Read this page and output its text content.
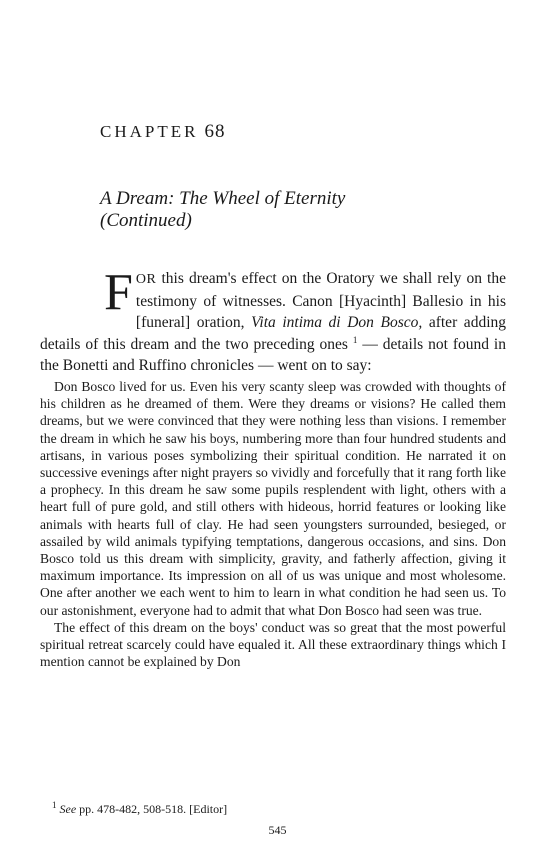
CHAPTER 68
A Dream: The Wheel of Eternity
(Continued)
FOR this dream's effect on the Oratory we shall rely on the testimony of witnesses. Canon [Hyacinth] Ballesio in his [funeral] oration, Vita intima di Don Bosco, after adding details of this dream and the two preceding ones $^1$ — details not found in the Bonetti and Ruffino chronicles — went on to say:

Don Bosco lived for us. Even his very scanty sleep was crowded with thoughts of his children as he dreamed of them. Were they dreams or visions? He called them dreams, but we were convinced that they were nothing less than visions. I remember the dream in which he saw his boys, numbering more than four hundred students and artisans, in various poses symbolizing their spiritual condition. He narrated it on successive evenings after night prayers so vividly and forcefully that it rang forth like a prophecy. In this dream he saw some pupils resplendent with light, others with a heart full of pure gold, and still others with hideous, horrid features or looking like animals with hearts full of clay. He had seen youngsters surrounded, besieged, or assailed by wild animals typifying temptations, dangerous occasions, and sins. Don Bosco told us this dream with simplicity, gravity, and fatherly affection, giving it maximum importance. Its impression on all of us was unique and most wholesome. One after another we each went to him to learn in what condition he had seen us. To our astonishment, everyone had to admit that what Don Bosco had seen was true.

The effect of this dream on the boys' conduct was so great that the most powerful spiritual retreat scarcely could have equaled it. All these extraordinary things which I mention cannot be explained by Don

$^1$ See pp. 478-482, 508-518. [Editor]
545
